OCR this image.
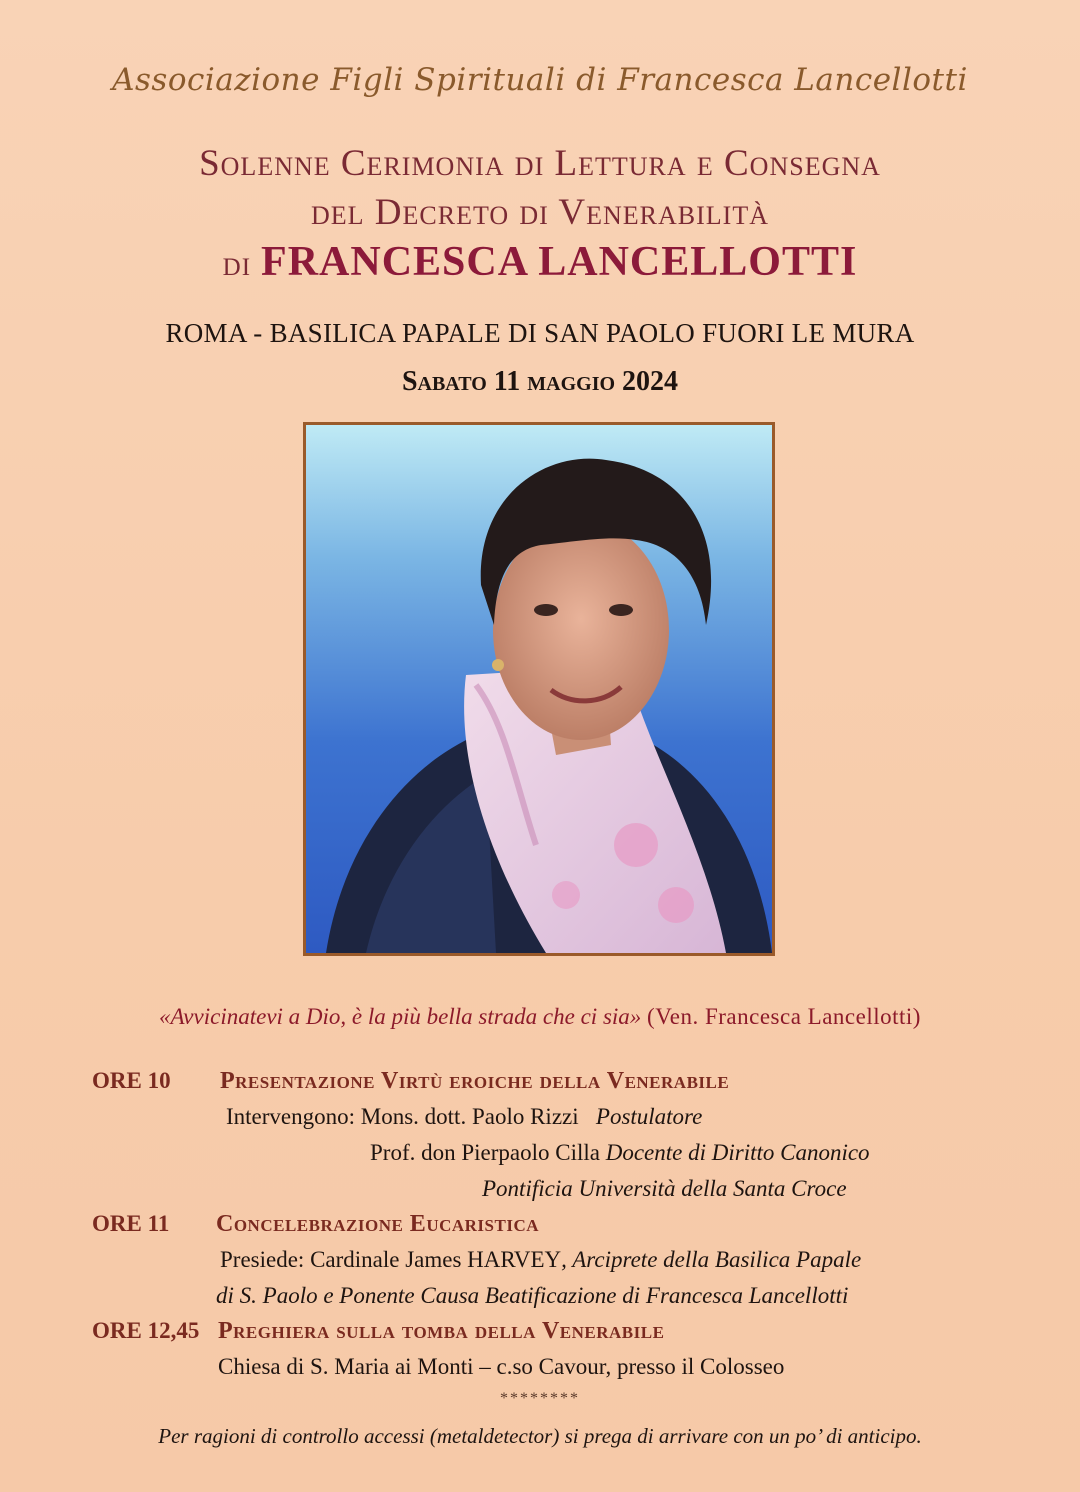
Associazione Figli Spirituali di Francesca Lancellotti
Solenne Cerimonia di Lettura e Consegna
del Decreto di Venerabilità
di FRANCESCA LANCELLOTTI
ROMA - BASILICA PAPALE DI SAN PAOLO FUORI LE MURA
Sabato 11 maggio 2024
«Avvicinatevi a Dio, è la più bella strada che ci sia» (Ven. Francesca Lancellotti)
ORE 10 Presentazione Virtù eroiche della Venerabile
Intervengono: Mons. dott. Paolo Rizzi Postulatore
Prof. don Pierpaolo Cilla Docente di Diritto Canonico
Pontificia Università della Santa Croce
ORE 11 Concelebrazione Eucaristica
Presiede: Cardinale James HARVEY, Arciprete della Basilica Papale
di S. Paolo e Ponente Causa Beatificazione di Francesca Lancellotti
ORE 12,45 Preghiera sulla tomba della Venerabile
Chiesa di S. Maria ai Monti – c.so Cavour, presso il Colosseo
********
Per ragioni di controllo accessi (metaldetector) si prega di arrivare con un po’ di anticipo.
